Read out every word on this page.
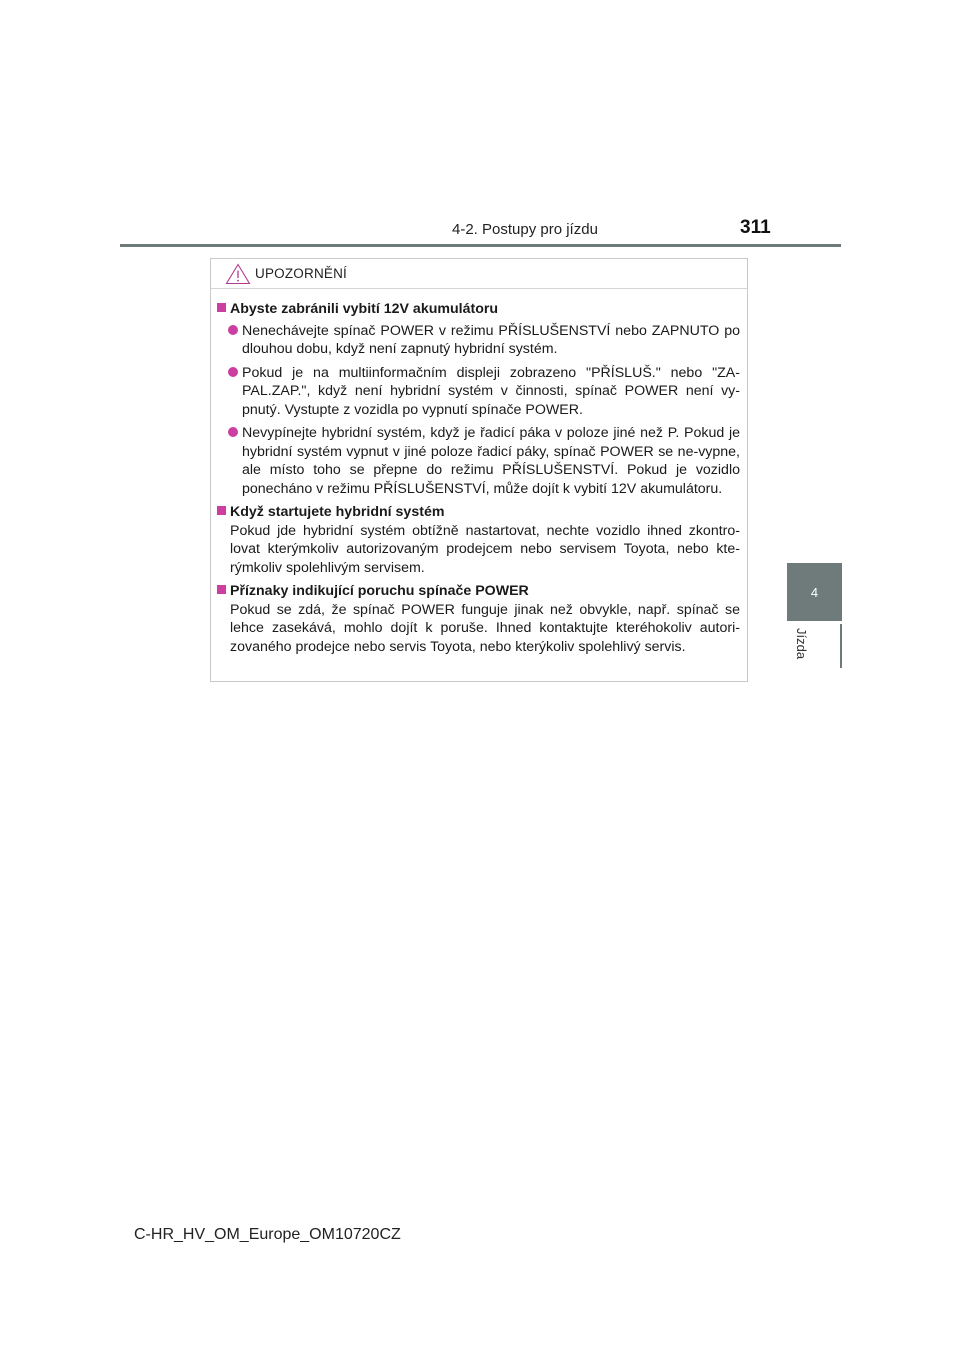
4-2. Postupy pro jízdu	311
4
Jízda
UPOZORNĚNÍ
Abyste zabránili vybití 12V akumulátoru
Nenechávejte spínač POWER v režimu PŘÍSLUŠENSTVÍ nebo ZAPNUTO po dlouhou dobu, když není zapnutý hybridní systém.
Pokud je na multiinformačním displeji zobrazeno "PŘÍSLUŠ." nebo "ZA-PAL.ZAP.", když není hybridní systém v činnosti, spínač POWER není vy-pnutý. Vystupte z vozidla po vypnutí spínače POWER.
Nevypínejte hybridní systém, když je řadicí páka v poloze jiné než P. Pokud je hybridní systém vypnut v jiné poloze řadicí páky, spínač POWER se ne-vypne, ale místo toho se přepne do režimu PŘÍSLUŠENSTVÍ. Pokud je vozidlo ponecháno v režimu PŘÍSLUŠENSTVÍ, může dojít k vybití 12V akumulátoru.
Když startujete hybridní systém
Pokud jde hybridní systém obtížně nastartovat, nechte vozidlo ihned zkontro-lovat kterýmkoliv autorizovaným prodejcem nebo servisem Toyota, nebo kte-rýmkoliv spolehlivým servisem.
Příznaky indikující poruchu spínače POWER
Pokud se zdá, že spínač POWER funguje jinak než obvykle, např. spínač se lehce zasekává, mohlo dojít k poruše. Ihned kontaktujte kteréhokoliv autori-zovaného prodejce nebo servis Toyota, nebo kterýkoliv spolehlivý servis.
C-HR_HV_OM_Europe_OM10720CZ
